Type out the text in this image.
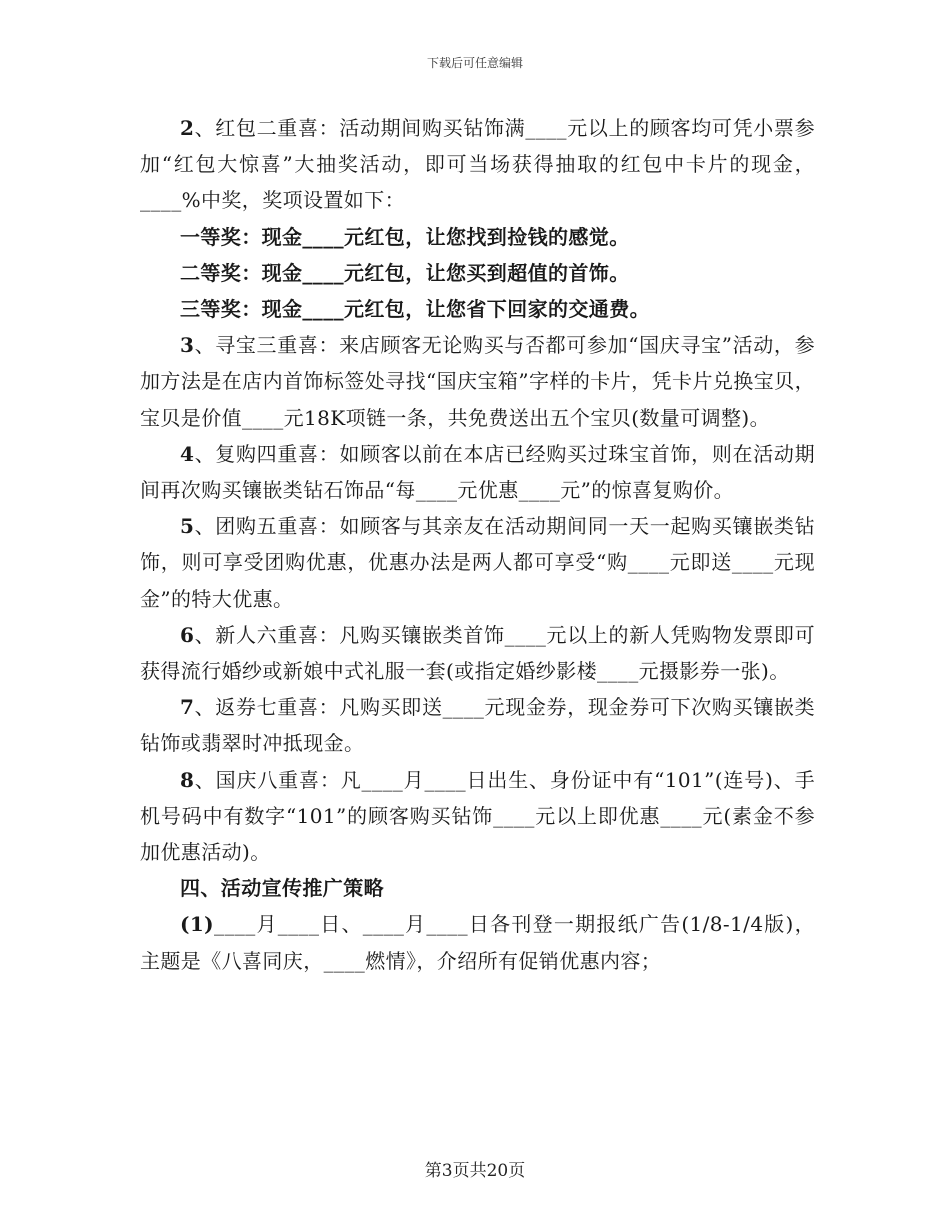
下载后可任意编辑

2、红包二重喜：活动期间购买钻饰满____元以上的顾客均可凭小票参加“红包大惊喜”大抽奖活动，即可当场获得抽取的红包中卡片的现金，____%中奖，奖项设置如下：

一等奖：现金____元红包，让您找到捡钱的感觉。

二等奖：现金____元红包，让您买到超值的首饰。

三等奖：现金____元红包，让您省下回家的交通费。

3、寻宝三重喜：来店顾客无论购买与否都可参加“国庆寻宝”活动，参加方法是在店内首饰标签处寻找“国庆宝箱”字样的卡片，凭卡片兑换宝贝，宝贝是价值____元18K项链一条，共免费送出五个宝贝(数量可调整)。

4、复购四重喜：如顾客以前在本店已经购买过珠宝首饰，则在活动期间再次购买镶嵌类钻石饰品“每____元优惠____元”的惊喜复购价。

5、团购五重喜：如顾客与其亲友在活动期间同一天一起购买镶嵌类钻饰，则可享受团购优惠，优惠办法是两人都可享受“购____元即送____元现金”的特大优惠。

6、新人六重喜：凡购买镶嵌类首饰____元以上的新人凭购物发票即可获得流行婚纱或新娘中式礼服一套(或指定婚纱影楼____元摄影券一张)。

7、返券七重喜：凡购买即送____元现金券，现金券可下次购买镶嵌类钻饰或翡翠时冲抵现金。

8、国庆八重喜：凡____月____日出生、身份证中有“101”(连号)、手机号码中有数字“101”的顾客购买钻饰____元以上即优惠____元(素金不参加优惠活动)。

四、活动宣传推广策略

(1)____月____日、____月____日各刊登一期报纸广告(1/8-1/4版)，主题是《八喜同庆，____燃情》，介绍所有促销优惠内容；

第3页共20页
